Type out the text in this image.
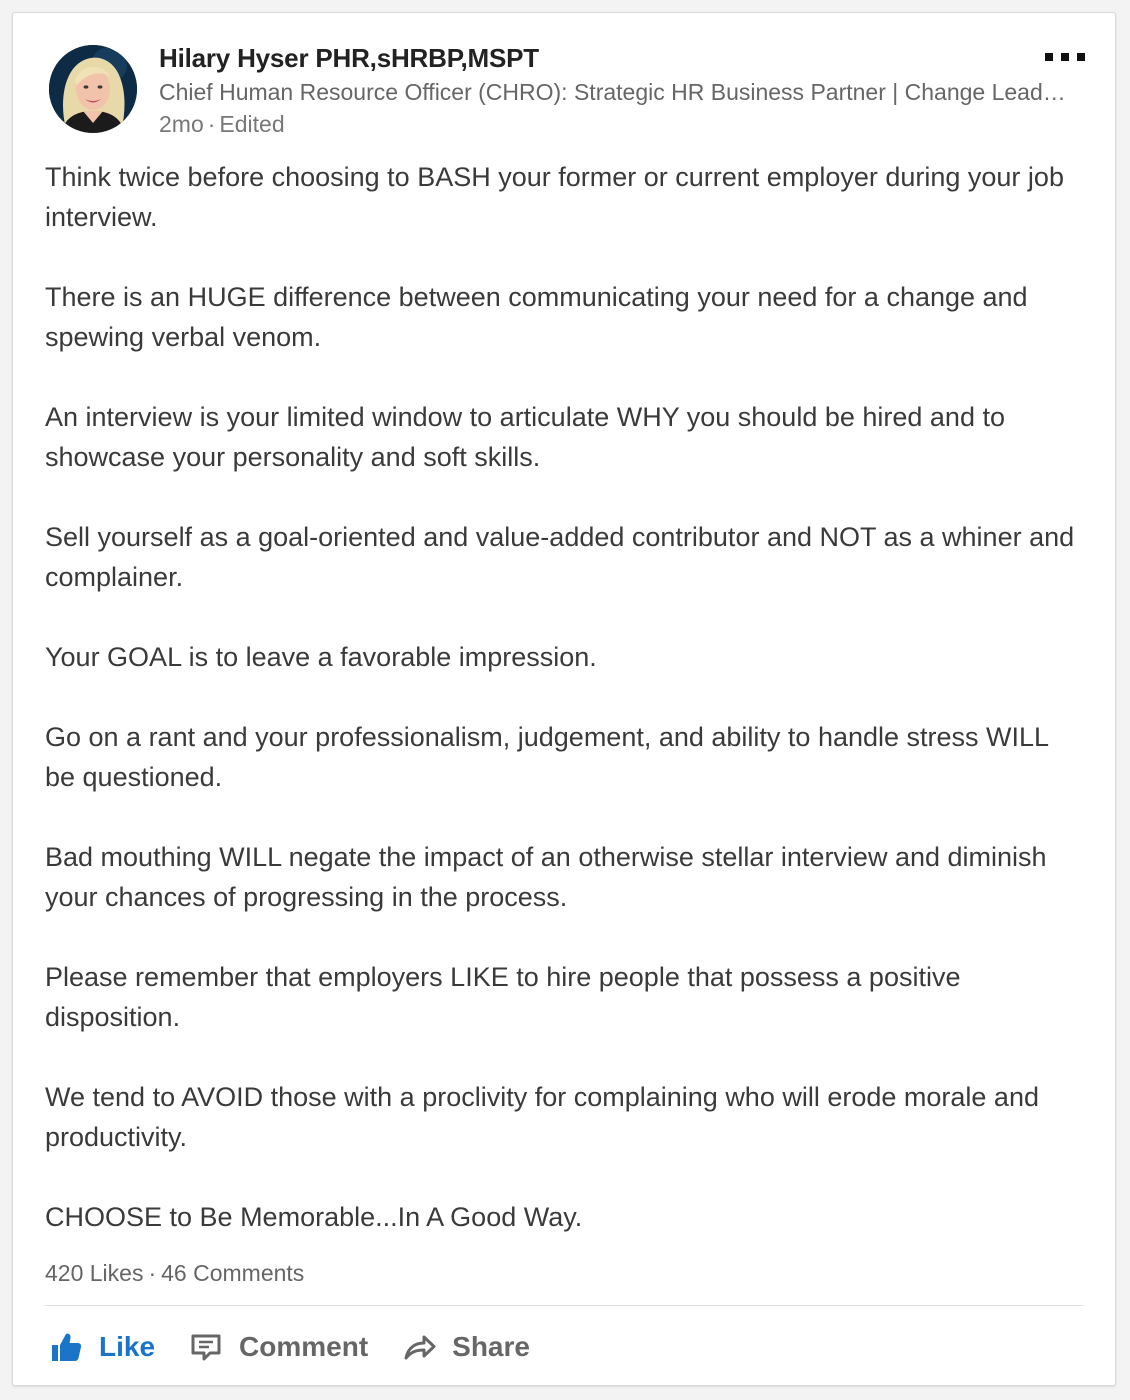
Hilary Hyser PHR,sHRBP,MSPT
Chief Human Resource Officer (CHRO): Strategic HR Business Partner | Change Lead…
2mo · Edited

Think twice before choosing to BASH your former or current employer during your job interview.

There is an HUGE difference between communicating your need for a change and spewing verbal venom.

An interview is your limited window to articulate WHY you should be hired and to showcase your personality and soft skills.

Sell yourself as a goal-oriented and value-added contributor and NOT as a whiner and complainer.

Your GOAL is to leave a favorable impression.

Go on a rant and your professionalism, judgement, and ability to handle stress WILL be questioned.

Bad mouthing WILL negate the impact of an otherwise stellar interview and diminish your chances of progressing in the process.

Please remember that employers LIKE to hire people that possess a positive disposition.

We tend to AVOID those with a proclivity for complaining who will erode morale and productivity.

CHOOSE to Be Memorable...In A Good Way.

420 Likes · 46 Comments
Like	Comment	Share
